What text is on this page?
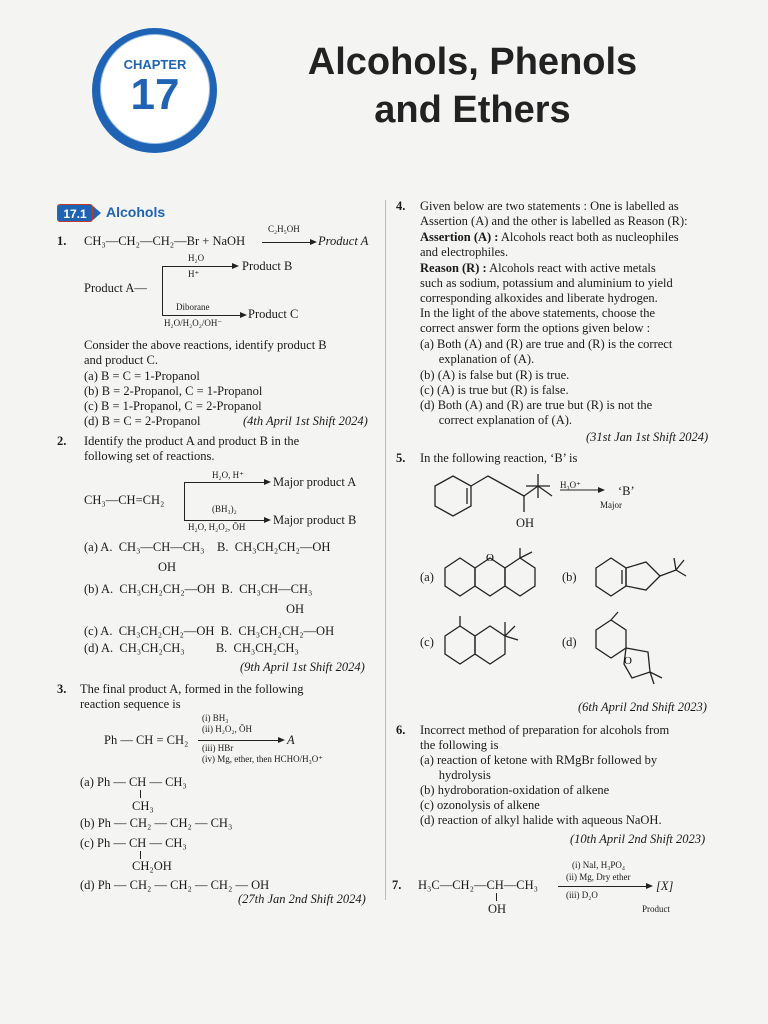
CHAPTER
17
Alcohols, Phenols
and Ethers
17.1	Alcohols
1. CH₃—CH₂—CH₂—Br + NaOH
C₂H₅OH
Product A
Product A—
H₂O
H⁺
Product B
Diborane
H₂O/H₂O₂/OH⁻
Product C
Consider the above reactions, identify product B
and product C.
(a) B = C = 1-Propanol
(b) B = 2-Propanol, C = 1-Propanol
(c) B = 1-Propanol, C = 2-Propanol
(d) B = C = 2-Propanol	(4th April 1st Shift 2024)
2. Identify the product A and product B in the
following set of reactions.
CH₃—CH=CH₂
H₂O, H⁺ Major product A
(BH₃)₂
H₂O, H₂O₂, ŌH Major product B
(a) A.  CH₃—CH—CH₃    B.  CH₃CH₂CH₂—OH
OH
(b) A.  CH₃CH₂CH₂—OH  B.  CH₃CH—CH₃
OH
(c) A.  CH₃CH₂CH₂—OH  B.  CH₃CH₂CH₂—OH
(d) A.  CH₃CH₂CH₃          B.  CH₃CH₂CH₃
(9th April 1st Shift 2024)
3. The final product A, formed in the following
reaction sequence is
Ph — CH = CH₂
(i) BH₃
(ii) H₂O₂, ŌH
(iii) HBr
(iv) Mg, ether, then HCHO/H₃O⁺
A
(a) Ph — CH — CH₃
CH₃
(b) Ph — CH₂ — CH₂ — CH₃
(c) Ph — CH — CH₃
CH₂OH
(d) Ph — CH₂ — CH₂ — CH₂ — OH
(27th Jan 2nd Shift 2024)
4. Given below are two statements : One is labelled as
Assertion (A) and the other is labelled as Reason (R):
Assertion (A) : Alcohols react both as nucleophiles
and electrophiles.
Reason (R) : Alcohols react with active metals
such as sodium, potassium and aluminium to yield
corresponding alkoxides and liberate hydrogen.
In the light of the above statements, choose the
correct answer form the options given below :
(a) Both (A) and (R) are true and (R) is the correct
explanation of (A).
(b) (A) is false but (R) is true.
(c) (A) is true but (R) is false.
(d) Both (A) and (R) are true but (R) is not the
correct explanation of (A).
(31st Jan 1st Shift 2024)
5. In the following reaction, ‘B’ is
OH
H₃O⁺	‘B’
Major
(a)
O
(b)
(c)	(d)
O
(6th April 2nd Shift 2023)
6. Incorrect method of preparation for alcohols from
the following is
(a) reaction of ketone with RMgBr followed by
hydrolysis
(b) hydroboration-oxidation of alkene
(c) ozonolysis of alkene
(d) reaction of alkyl halide with aqueous NaOH.
(10th April 2nd Shift 2023)
7. H₃C—CH₂—CH—CH₃
OH
(i) NaI, H₃PO₄
(ii) Mg, Dry ether
(iii) D₂O
[X]
Product
